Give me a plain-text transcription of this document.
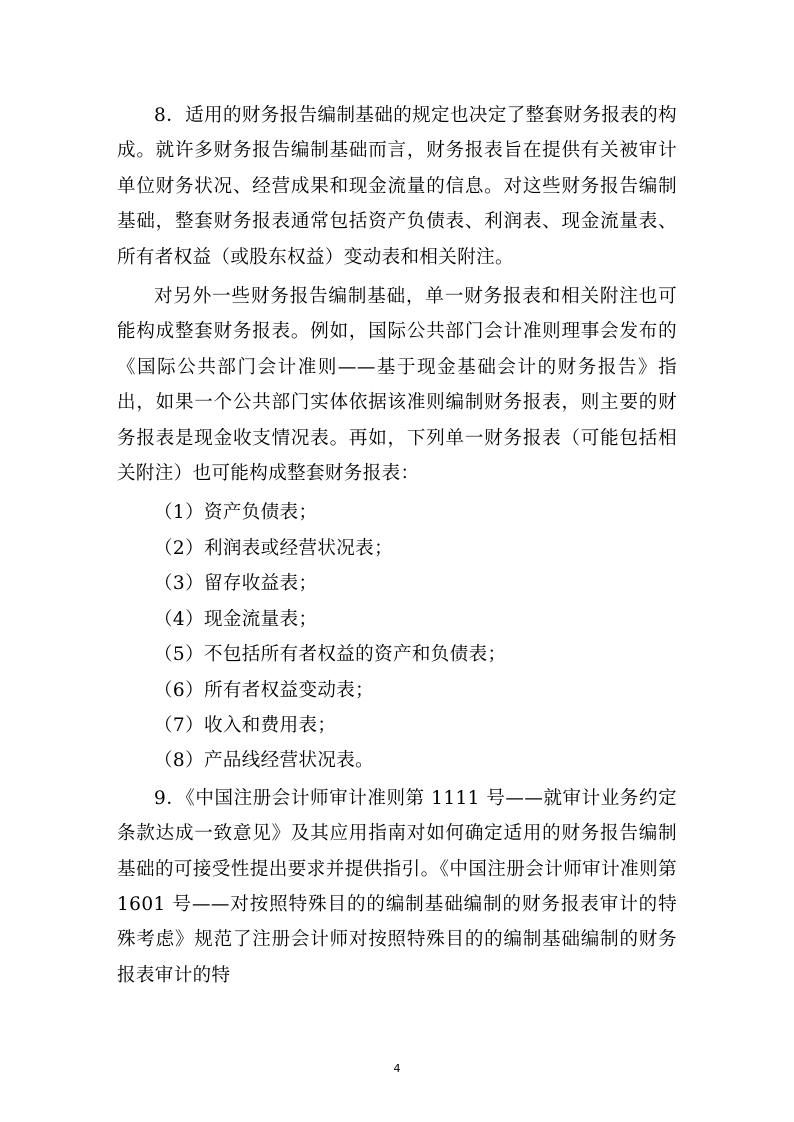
8．适用的财务报告编制基础的规定也决定了整套财务报表的构成。就许多财务报告编制基础而言，财务报表旨在提供有关被审计单位财务状况、经营成果和现金流量的信息。对这些财务报告编制基础，整套财务报表通常包括资产负债表、利润表、现金流量表、所有者权益（或股东权益）变动表和相关附注。

对另外一些财务报告编制基础，单一财务报表和相关附注也可能构成整套财务报表。例如，国际公共部门会计准则理事会发布的《国际公共部门会计准则——基于现金基础会计的财务报告》指出，如果一个公共部门实体依据该准则编制财务报表，则主要的财务报表是现金收支情况表。再如，下列单一财务报表（可能包括相关附注）也可能构成整套财务报表：

（1）资产负债表；
（2）利润表或经营状况表；
（3）留存收益表；
（4）现金流量表；
（5）不包括所有者权益的资产和负债表；
（6）所有者权益变动表；
（7）收入和费用表；
（8）产品线经营状况表。

9．《中国注册会计师审计准则第 1111 号——就审计业务约定条款达成一致意见》及其应用指南对如何确定适用的财务报告编制基础的可接受性提出要求并提供指引。《中国注册会计师审计准则第 1601 号——对按照特殊目的的编制基础编制的财务报表审计的特殊考虑》规范了注册会计师对按照特殊目的的编制基础编制的财务报表审计的特

4
